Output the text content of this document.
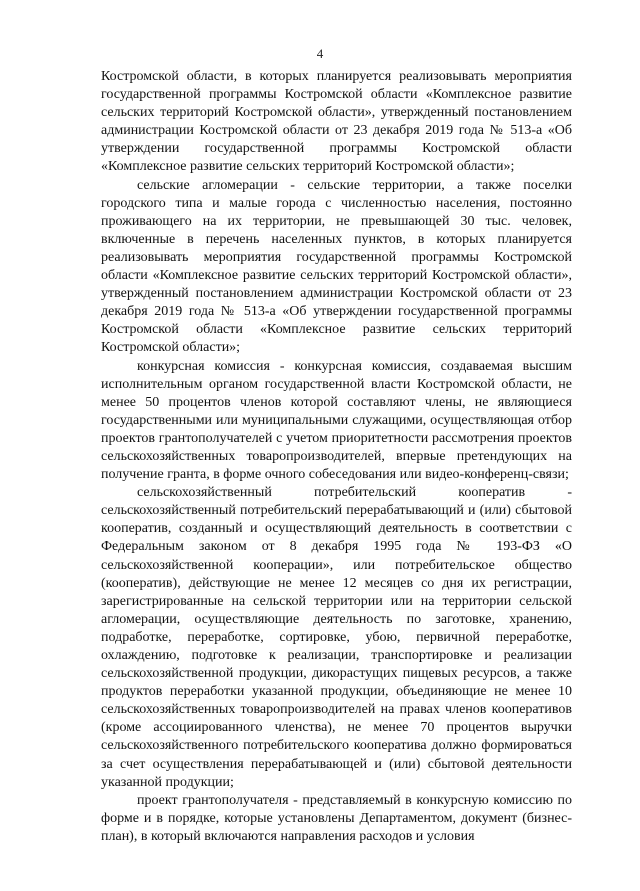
4

Костромской области, в которых планируется реализовывать мероприятия государственной программы Костромской области «Комплексное развитие сельских территорий Костромской области», утвержденный постановлением администрации Костромской области от 23 декабря 2019 года № 513-а «Об утверждении государственной программы Костромской области «Комплексное развитие сельских территорий Костромской области»;

сельские агломерации - сельские территории, а также поселки городского типа и малые города с численностью населения, постоянно проживающего на их территории, не превышающей 30 тыс. человек, включенные в перечень населенных пунктов, в которых планируется реализовывать мероприятия государственной программы Костромской области «Комплексное развитие сельских территорий Костромской области», утвержденный постановлением администрации Костромской области от 23 декабря 2019 года № 513-а «Об утверждении государственной программы Костромской области «Комплексное развитие сельских территорий Костромской области»;

конкурсная комиссия - конкурсная комиссия, создаваемая высшим исполнительным органом государственной власти Костромской области, не менее 50 процентов членов которой составляют члены, не являющиеся государственными или муниципальными служащими, осуществляющая отбор проектов грантополучателей с учетом приоритетности рассмотрения проектов сельскохозяйственных товаропроизводителей, впервые претендующих на получение гранта, в форме очного собеседования или видео-конференц-связи;

сельскохозяйственный потребительский кооператив - сельскохозяйственный потребительский перерабатывающий и (или) сбытовой кооператив, созданный и осуществляющий деятельность в соответствии с Федеральным законом от 8 декабря 1995 года № 193-ФЗ «О сельскохозяйственной кооперации», или потребительское общество (кооператив), действующие не менее 12 месяцев со дня их регистрации, зарегистрированные на сельской территории или на территории сельской агломерации, осуществляющие деятельность по заготовке, хранению, подработке, переработке, сортировке, убою, первичной переработке, охлаждению, подготовке к реализации, транспортировке и реализации сельскохозяйственной продукции, дикорастущих пищевых ресурсов, а также продуктов переработки указанной продукции, объединяющие не менее 10 сельскохозяйственных товаропроизводителей на правах членов кооперативов (кроме ассоциированного членства), не менее 70 процентов выручки сельскохозяйственного потребительского кооператива должно формироваться за счет осуществления перерабатывающей и (или) сбытовой деятельности указанной продукции;

проект грантополучателя - представляемый в конкурсную комиссию по форме и в порядке, которые установлены Департаментом, документ (бизнес-план), в который включаются направления расходов и условия
